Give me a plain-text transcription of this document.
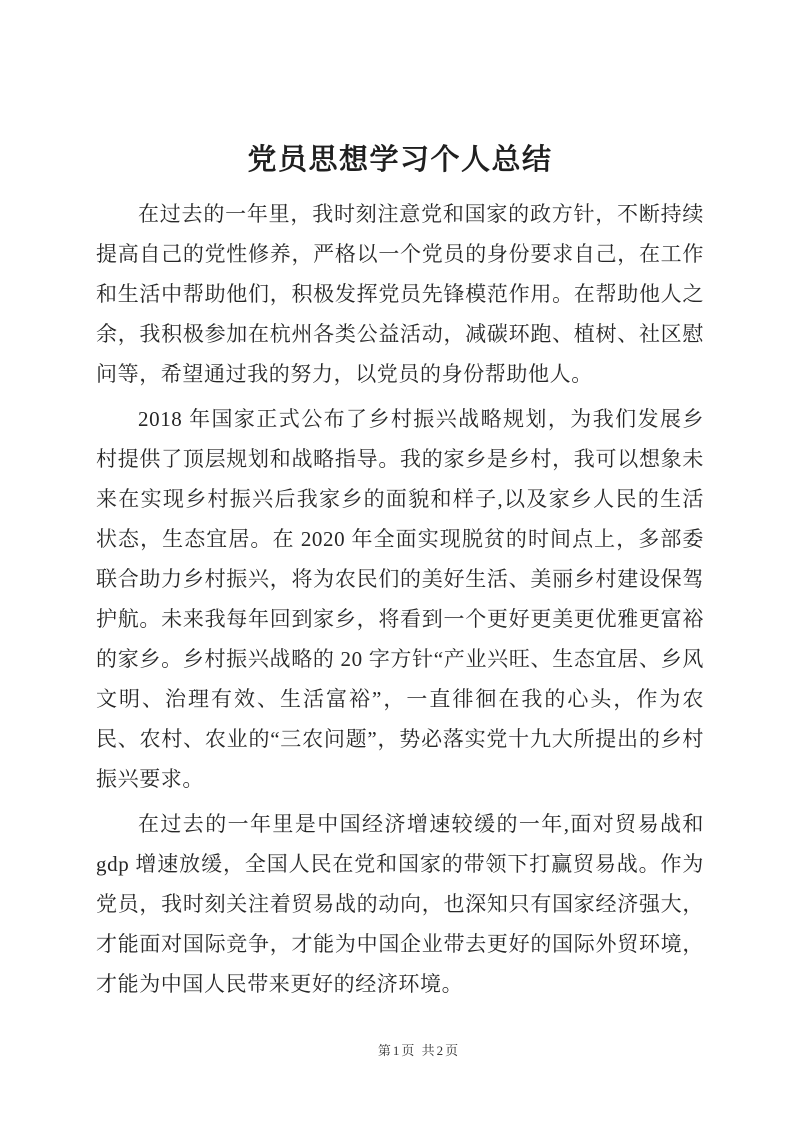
党员思想学习个人总结

在过去的一年里，我时刻注意党和国家的政方针，不断持续提高自己的党性修养，严格以一个党员的身份要求自己，在工作和生活中帮助他们，积极发挥党员先锋模范作用。在帮助他人之余，我积极参加在杭州各类公益活动，减碳环跑、植树、社区慰问等，希望通过我的努力，以党员的身份帮助他人。

2018 年国家正式公布了乡村振兴战略规划，为我们发展乡村提供了顶层规划和战略指导。我的家乡是乡村，我可以想象未来在实现乡村振兴后我家乡的面貌和样子,以及家乡人民的生活状态，生态宜居。在 2020 年全面实现脱贫的时间点上，多部委联合助力乡村振兴，将为农民们的美好生活、美丽乡村建设保驾护航。未来我每年回到家乡，将看到一个更好更美更优雅更富裕的家乡。乡村振兴战略的 20 字方针“产业兴旺、生态宜居、乡风文明、治理有效、生活富裕”，一直徘徊在我的心头，作为农民、农村、农业的“三农问题”，势必落实党十九大所提出的乡村振兴要求。

在过去的一年里是中国经济增速较缓的一年,面对贸易战和gdp 增速放缓，全国人民在党和国家的带领下打赢贸易战。作为党员，我时刻关注着贸易战的动向，也深知只有国家经济强大，才能面对国际竞争，才能为中国企业带去更好的国际外贸环境，才能为中国人民带来更好的经济环境。

第1页 共2页
